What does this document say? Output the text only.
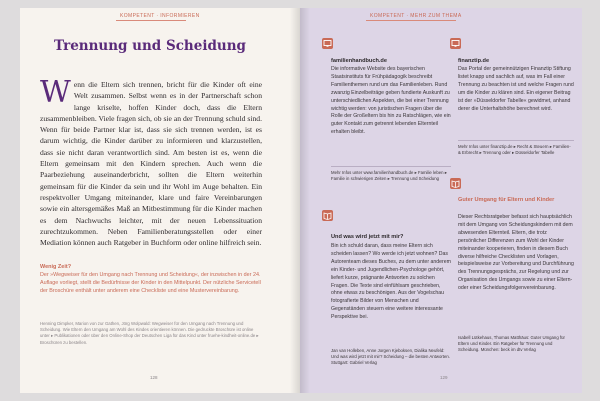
KOMPETENT · INFORMIEREN
Trennung und Scheidung
Wenn die Eltern sich trennen, bricht für die Kinder oft eine Welt zusammen. Selbst wenn es in der Partnerschaft schon lange kriselte, hoffen Kinder doch, dass die Eltern zusammenbleiben. Viele fragen sich, ob sie an der Trennung schuld sind. Wenn für beide Partner klar ist, dass sie sich trennen werden, ist es darum wichtig, die Kinder darüber zu informieren und klarzustellen, dass sie nicht daran verantwortlich sind. Am besten ist es, wenn die Eltern gemeinsam mit den Kindern sprechen. Auch wenn die Paarbeziehung auseinanderbricht, sollten die Eltern weiterhin gemeinsam für die Kinder da sein und ihr Wohl im Auge behalten. Ein respektvoller Umgang miteinander, klare und faire Vereinbarungen sowie ein altersgemäßes Maß an Mitbestimmung für die Kinder machen es dem Nachwuchs leichter, mit der neuen Lebenssituation zurechtzukommen. Neben Familienberatungsstellen oder einer Mediation können auch Ratgeber in Buchform oder online hilfreich sein.
Wenig Zeit?
Der »Wegweiser für den Umgang nach Trennung und Scheidung«, der inzwischen in der 24. Auflage vorliegt, stellt die Bedürfnisse der Kinder in den Mittelpunkt. Der nützliche Servicetell der Broschüre enthält unter anderem eine Checkliste und eine Mustervereinbarung.
Henning Dimpker, Marion von zur Gathen, Jörg Wolpwald: Wegweiser für den Umgang nach Trennung und Scheidung. Wie Eltern den Umgang am Wohl des Kindes orientieren können. Die gedruckte Broschüre ist online unter ▸ Publikationen oder über den Online-Shop der Deutschen Liga für das Kind unter fruehe-kindheit-online.de ▸ Broschüren zu bestellen.
128
KOMPETENT · MEHR ZUM THEMA
familienhandbuch.de
Die informative Website des bayerischen Staatsinstituts für Frühpädagogik beschreibt Familienthemen rund um das Familienleben. Rund zwanzig Einzelbeiträge geben fundierte Auskunft zu unterschiedlichen Aspekten, die bei einer Trennung wichtig werden: von juristischen Fragen über die Rolle der Großeltern bis hin zu Ratschlägen, wie ein guter Kontakt zum getrennt lebenden Elternteil erhalten bleibt.
Mehr Infos unter www.familienhandbuch.de ▸ Familie leben ▸ Familie in schwierigen Zeiten ▸ Trennung und Scheidung
Und was wird jetzt mit mir?
Bin ich schuld daran, dass meine Eltern sich scheiden lassen? Wo werde ich jetzt wohnen? Das Autorenteam dieses Buches, zu dem unter anderem ein Kinder- und Jugendlichen-Psychologe gehört, liefert kurze, prägnante Antworten zu solchen Fragen. Die Texte sind einfühlsam geschrieben, ohne etwas zu beschönigen. Aus der Vogelschau fotografierte Bilder von Menschen und Gegenständen steuern eine weitere interessante Perspektive bei.
Jan van Holleben, Anne Jorgen Kjeboksen, Dialika Neufeld: Und was wird jetzt mit mir? Scheidung – die besten Antworten. Stuttgart: Gabriel Verlag
finanztip.de
Das Portal der gemeinnützigen Finanztip Stiftung listet knapp und sachlich auf, was im Fall einer Trennung zu beachten ist und welche Fragen rund um die Kinder zu klären sind. Ein eigener Beitrag ist der »Düsseldorfer Tabelle« gewidmet, anhand derer die Unterhaltshöhe berechnet wird.
Mehr Infos unter finanztip.de ▸ Recht & Steuern ▸ Familien- & Erbrecht ▸ Trennung oder ▸ Düsseldorfer Tabelle
Guter Umgang für Eltern und Kinder
Dieser Rechtsratgeber befasst sich hauptsächlich mit dem Umgang von Scheidungskindern mit dem abwesenden Elternteil. Eltern, die trotz persönlicher Differenzen zum Wohl der Kinder miteinander kooperieren, finden in diesem Buch diverse hilfreiche Checklisten und Vorlagen, beispielsweise zur Vorbereitung und Durchführung des Trennungsgesprächs, zur Regelung und zur Organisation des Umgangs sowie zu einer Eltern- oder einer Scheidungsfolgenvereinbarung.
Isabell Lütkehaus, Thomas Matthäus: Guter Umgang für Eltern und Kinder. Ein Ratgeber für Trennung und Scheidung. München: beck im dtv Verlag
129
